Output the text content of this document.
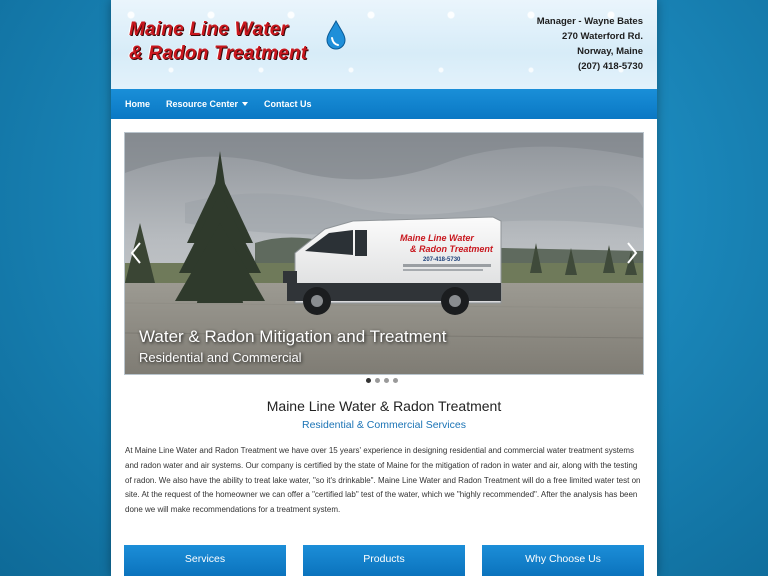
Maine Line Water
& Radon Treatment
Manager - Wayne Bates
270 Waterford Rd.
Norway, Maine
(207) 418-5730
Home Resource Center	Contact Us
Maine Line Water
& Radon Treatment
207-418-5730
Water & Radon Mitigation and Treatment
Residential and Commercial
Maine Line Water & Radon Treatment
Residential & Commercial Services
At Maine Line Water and Radon Treatment we have over 15 years' experience in designing residential and commercial water treatment systems and radon water and air systems. Our company is certified by the state of Maine for the mitigation of radon in water and air, along with the testing of radon. We also have the ability to treat lake water, "so it's drinkable". Maine Line Water and Radon Treatment will do a free limited water test on site. At the request of the homeowner we can offer a "certified lab" test of the water, which we "highly recommended". After the analysis has been done we will make recommendations for a treatment system.
Services	Products	Why Choose Us
